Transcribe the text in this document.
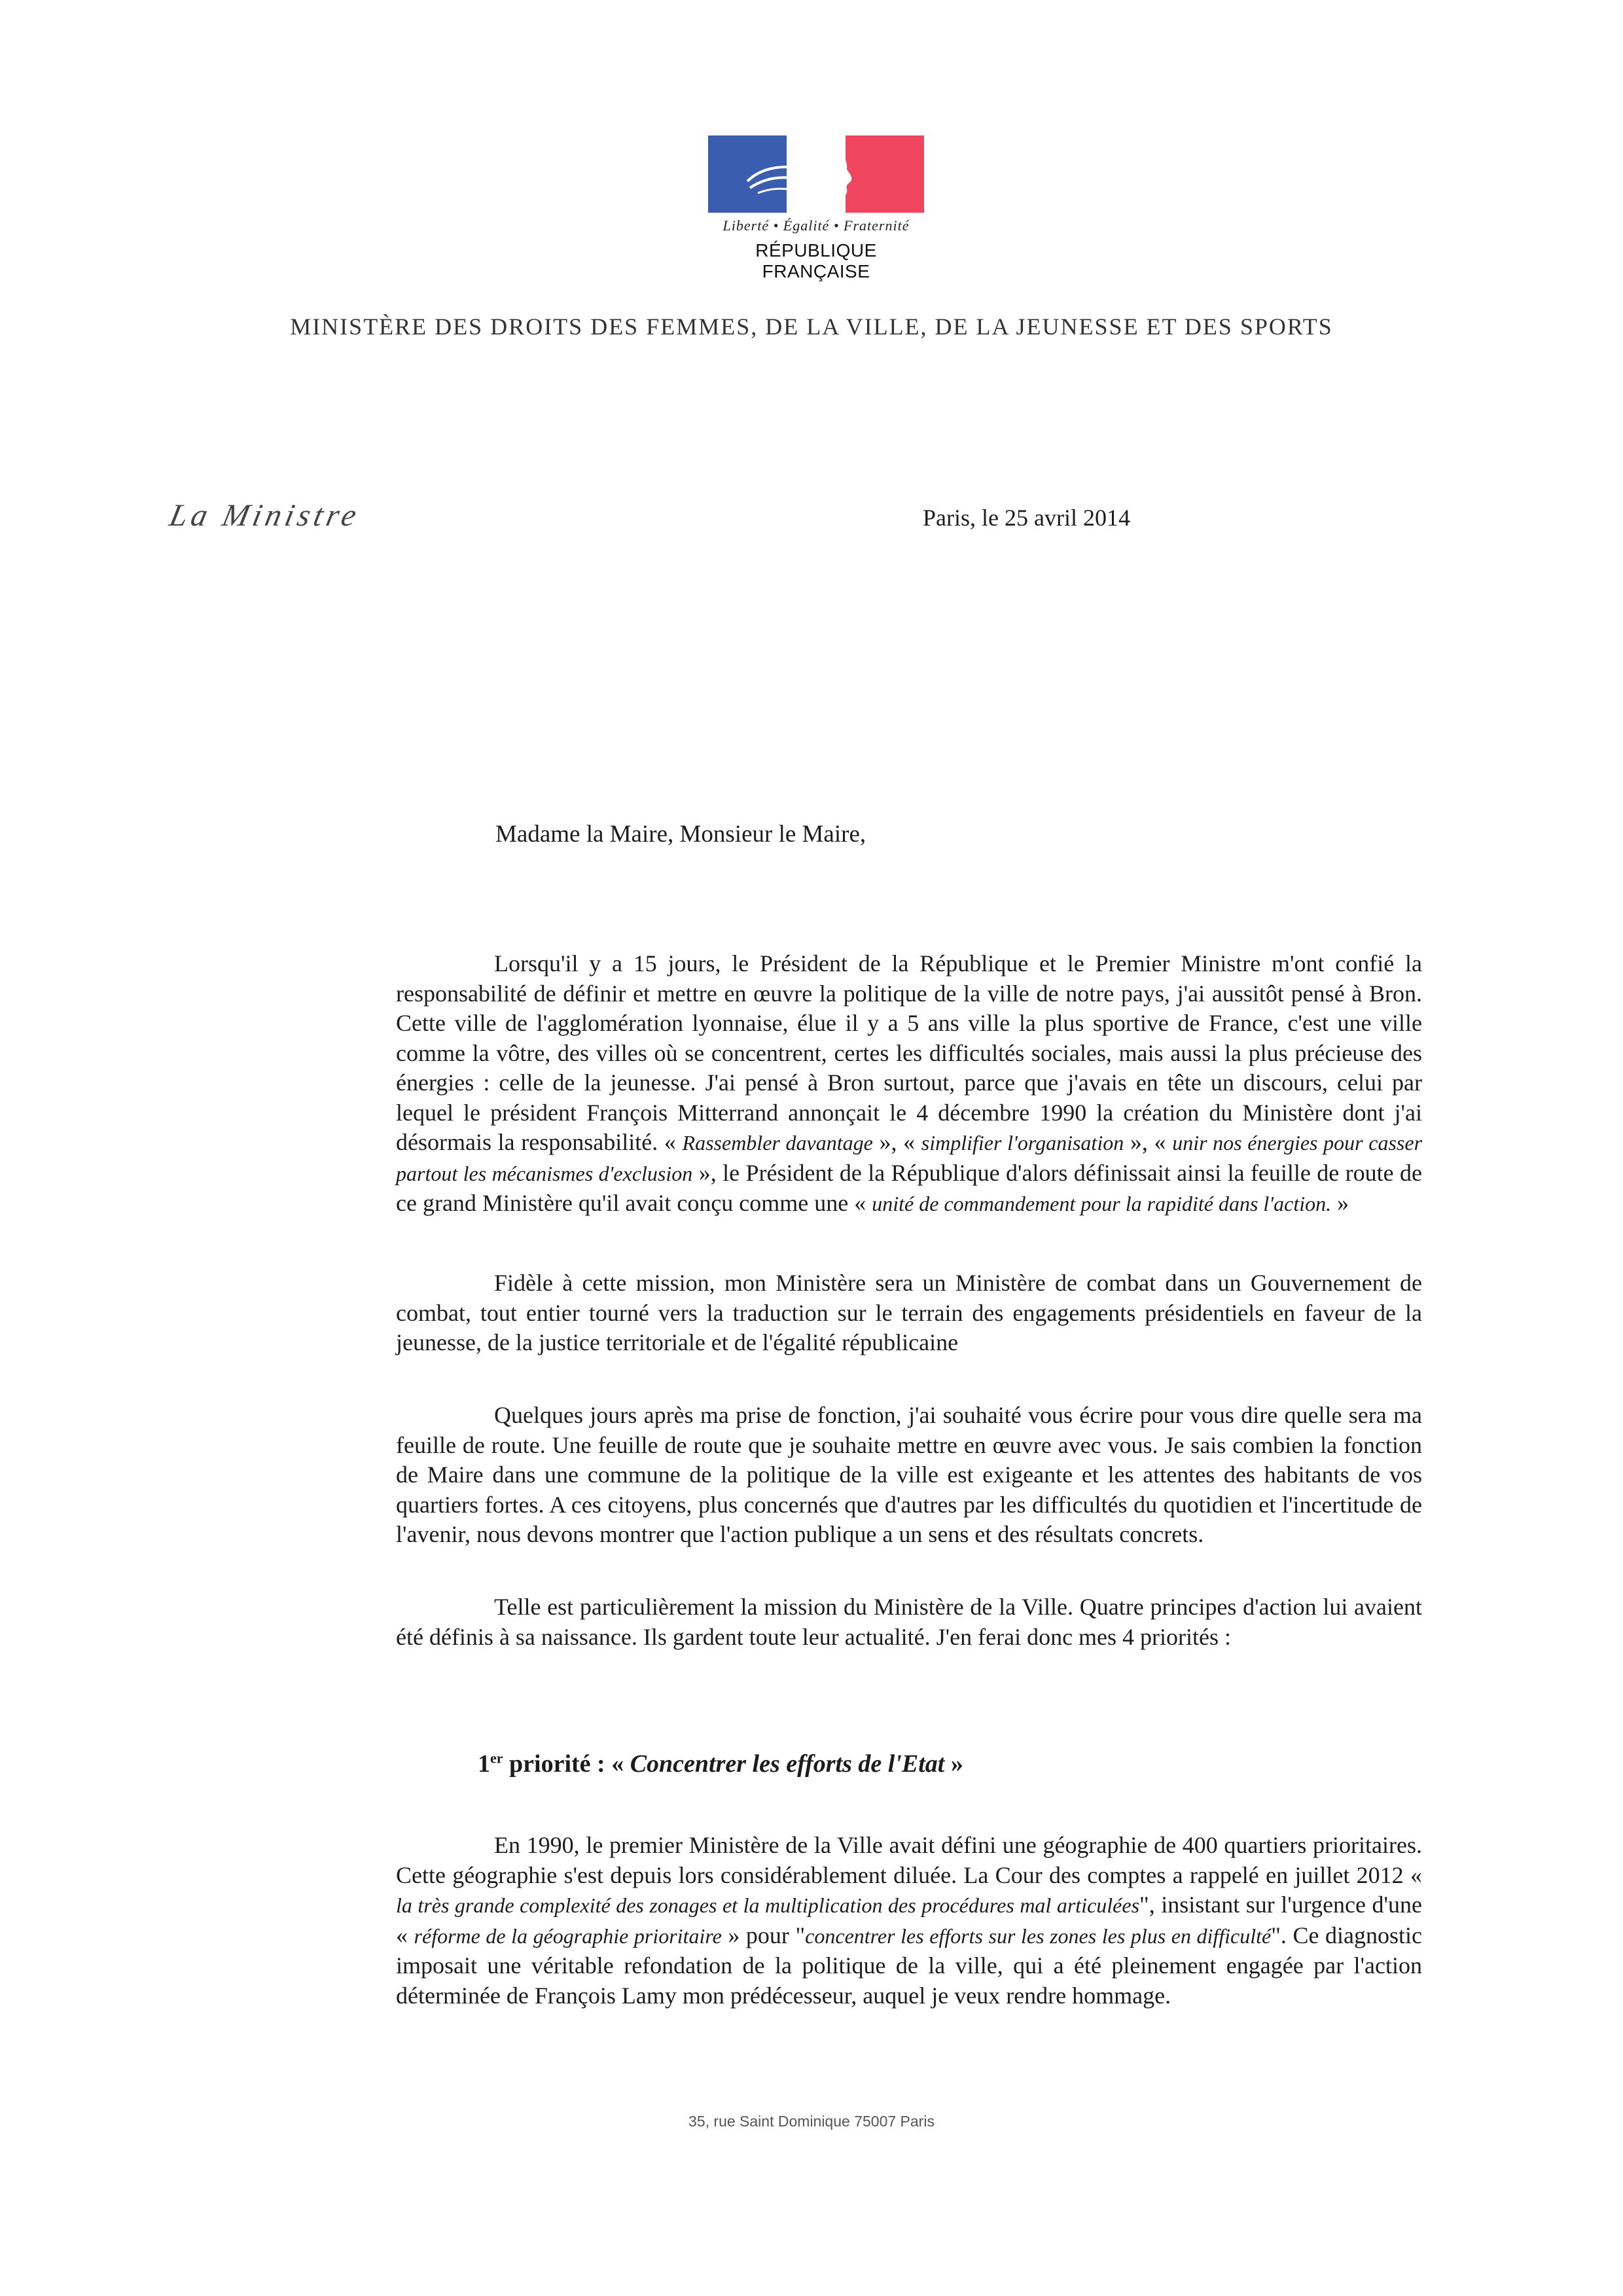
Liberté • Égalité • Fraternité
RÉPUBLIQUE FRANÇAISE
MINISTÈRE DES DROITS DES FEMMES, DE LA VILLE, DE LA JEUNESSE ET DES SPORTS
La Ministre	Paris, le 25 avril 2014
Madame la Maire, Monsieur le Maire,

Lorsqu'il y a 15 jours, le Président de la République et le Premier Ministre m'ont confié la responsabilité de définir et mettre en œuvre la politique de la ville de notre pays, j'ai aussitôt pensé à Bron. Cette ville de l'agglomération lyonnaise, élue il y a 5 ans ville la plus sportive de France, c'est une ville comme la vôtre, des villes où se concentrent, certes les difficultés sociales, mais aussi la plus précieuse des énergies : celle de la jeunesse. J'ai pensé à Bron surtout, parce que j'avais en tête un discours, celui par lequel le président François Mitterrand annonçait le 4 décembre 1990 la création du Ministère dont j'ai désormais la responsabilité. « Rassembler davantage », « simplifier l'organisation », « unir nos énergies pour casser partout les mécanismes d'exclusion », le Président de la République d'alors définissait ainsi la feuille de route de ce grand Ministère qu'il avait conçu comme une « unité de commandement pour la rapidité dans l'action. »

Fidèle à cette mission, mon Ministère sera un Ministère de combat dans un Gouvernement de combat, tout entier tourné vers la traduction sur le terrain des engagements présidentiels en faveur de la jeunesse, de la justice territoriale et de l'égalité républicaine

Quelques jours après ma prise de fonction, j'ai souhaité vous écrire pour vous dire quelle sera ma feuille de route. Une feuille de route que je souhaite mettre en œuvre avec vous. Je sais combien la fonction de Maire dans une commune de la politique de la ville est exigeante et les attentes des habitants de vos quartiers fortes. A ces citoyens, plus concernés que d'autres par les difficultés du quotidien et l'incertitude de l'avenir, nous devons montrer que l'action publique a un sens et des résultats concrets.

Telle est particulièrement la mission du Ministère de la Ville. Quatre principes d'action lui avaient été définis à sa naissance. Ils gardent toute leur actualité. J'en ferai donc mes 4 priorités :

1er priorité : « Concentrer les efforts de l'Etat »

En 1990, le premier Ministère de la Ville avait défini une géographie de 400 quartiers prioritaires. Cette géographie s'est depuis lors considérablement diluée. La Cour des comptes a rappelé en juillet 2012 « la très grande complexité des zonages et la multiplication des procédures mal articulées", insistant sur l'urgence d'une « réforme de la géographie prioritaire » pour "concentrer les efforts sur les zones les plus en difficulté". Ce diagnostic imposait une véritable refondation de la politique de la ville, qui a été pleinement engagée par l'action déterminée de François Lamy mon prédécesseur, auquel je veux rendre hommage.

35, rue Saint Dominique 75007 Paris
